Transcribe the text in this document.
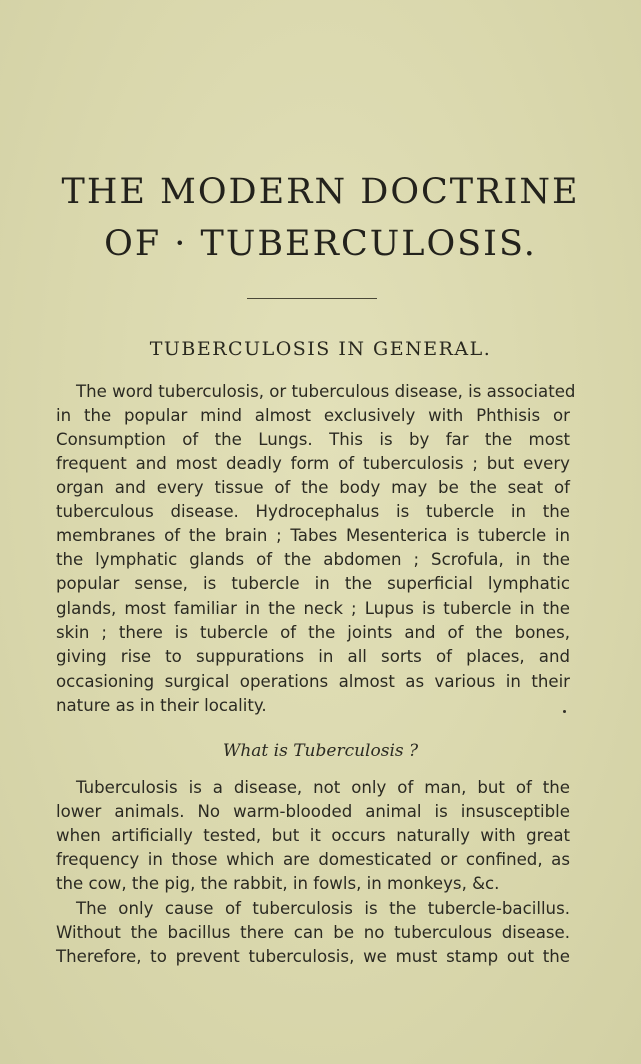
THE MODERN DOCTRINE
OF · TUBERCULOSIS.
TUBERCULOSIS IN GENERAL.
The word tuberculosis, or tuberculous disease, is associated
in the popular mind almost exclusively with Phthisis or
Consumption of the Lungs. This is by far the most
frequent and most deadly form of tuberculosis ; but every
organ and every tissue of the body may be the seat of
tuberculous disease. Hydrocephalus is tubercle in the
membranes of the brain ; Tabes Mesenterica is tubercle in
the lymphatic glands of the abdomen ; Scrofula, in the
popular sense, is tubercle in the superficial lymphatic
glands, most familiar in the neck ; Lupus is tubercle in the
skin ; there is tubercle of the joints and of the bones,
giving rise to suppurations in all sorts of places, and
occasioning surgical operations almost as various in their
nature as in their locality.
What is Tuberculosis ?
Tuberculosis is a disease, not only of man, but of the
lower animals. No warm-blooded animal is insusceptible
when artificially tested, but it occurs naturally with great
frequency in those which are domesticated or confined, as
the cow, the pig, the rabbit, in fowls, in monkeys, &c.
The only cause of tuberculosis is the tubercle-bacillus.
Without the bacillus there can be no tuberculous disease.
Therefore, to prevent tuberculosis, we must stamp out the
